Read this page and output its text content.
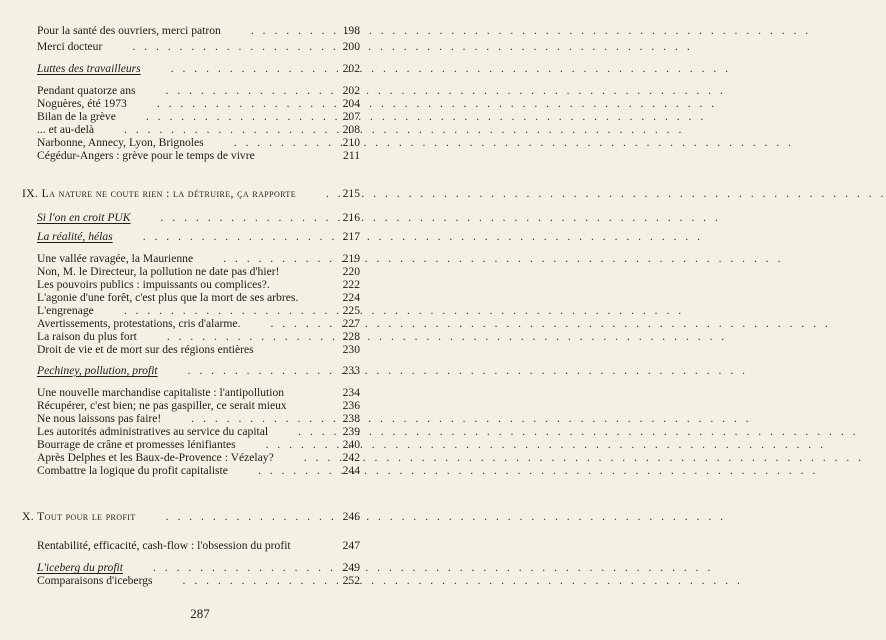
Pour la santé des ouvriers, merci patron . . .	198
Merci docteur . . .	200
Luttes des travailleurs . . .	202
Pendant quatorze ans . . .	202
Noguères, été 1973 . . .	204
Bilan de la grève . . .	207
... et au-delà . . .	208
Narbonne, Annecy, Lyon, Brignoles . . .	210
Cégédur-Angers : grève pour le temps de vivre	211
IX. La nature ne coute rien : la détruire, ça rapporte . . .	215
Si l'on en croit PUK . . .	216
La réalité, hélas . . .	217
Une vallée ravagée, la Maurienne . . .	219
Non, M. le Directeur, la pollution ne date pas d'hier!	220
Les pouvoirs publics : impuissants ou complices?.	222
L'agonie d'une forêt, c'est plus que la mort de ses arbres.	224
L'engrenage . . .	225
Avertissements, protestations, cris d'alarme. . . .	227
La raison du plus fort . . .	228
Droit de vie et de mort sur des régions entières	230
Pechiney, pollution, profit . . .	233
Une nouvelle marchandise capitaliste : l'antipollution	234
Récupérer, c'est bien; ne pas gaspiller, ce serait mieux	236
Ne nous laissons pas faire! . . .	238
Les autorités administratives au service du capital . . .	239
Bourrage de crâne et promesses lénifiantes . . .	240
Après Delphes et les Baux-de-Provence : Vézelay? . . .	242
Combattre la logique du profit capitaliste . . .	244
X. Tout pour le profit . . .	246
Rentabilité, efficacité, cash-flow : l'obsession du profit	247
L'iceberg du profit . . .	249
Comparaisons d'icebergs . . .	252
287
